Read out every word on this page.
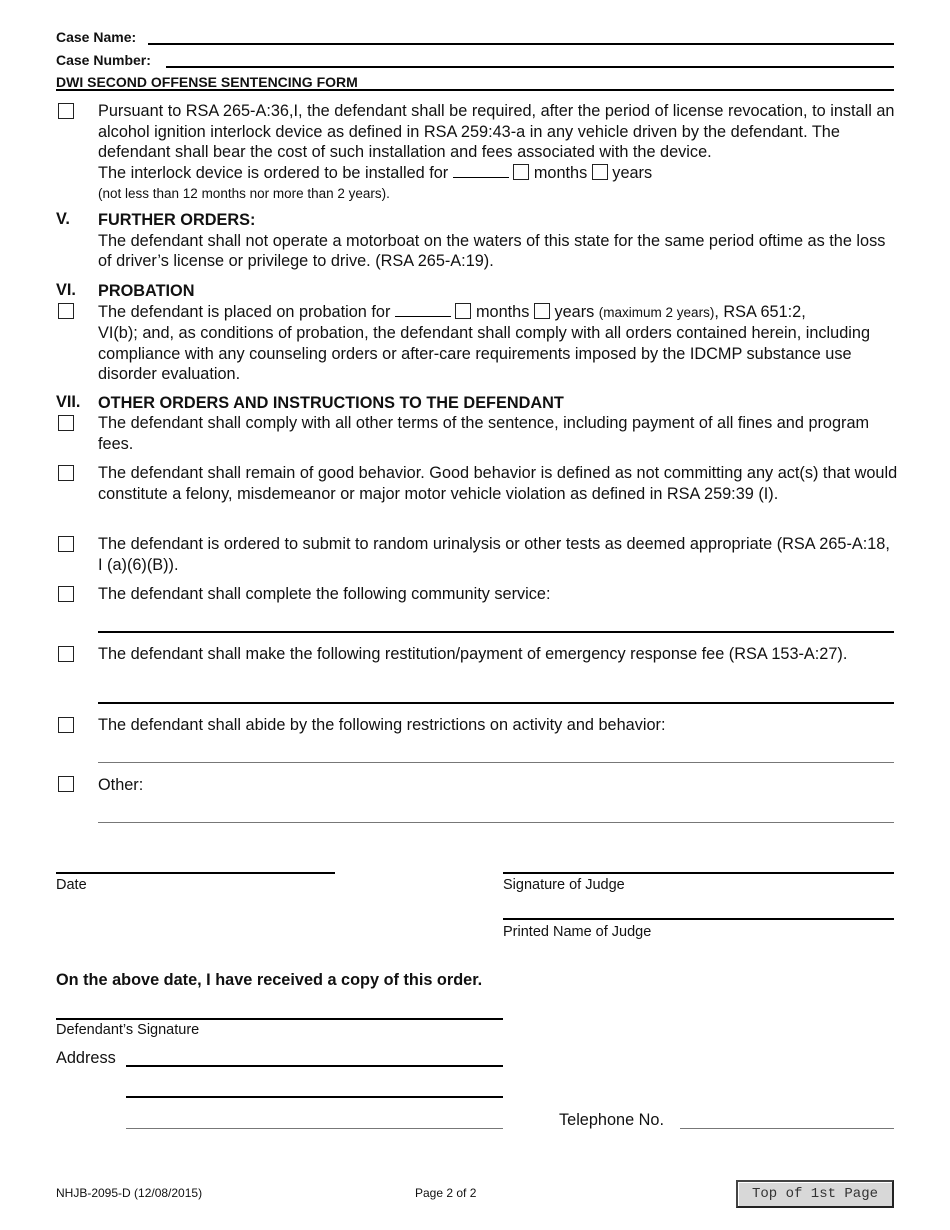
Case Name:
Case Number:
DWI SECOND OFFENSE SENTENCING FORM
Pursuant to RSA 265-A:36,I, the defendant shall be required, after the period of license revocation, to install an alcohol ignition interlock device as defined in RSA 259:43-a in any vehicle driven by the defendant. The defendant shall bear the cost of such installation and fees associated with the device.
The interlock device is ordered to be installed for	months years
(not less than 12 months nor more than 2 years).
V. FURTHER ORDERS:
The defendant shall not operate a motorboat on the waters of this state for the same period oftime as the loss of driver’s license or privilege to drive. (RSA 265-A:19).
VI. PROBATION
The defendant is placed on probation for	months years (maximum 2 years), RSA 651:2,
VI(b); and, as conditions of probation, the defendant shall comply with all orders contained herein, including compliance with any counseling orders or after-care requirements imposed by the IDCMP substance use disorder evaluation.
VII. OTHER ORDERS AND INSTRUCTIONS TO THE DEFENDANT
The defendant shall comply with all other terms of the sentence, including payment of all fines and program fees.
The defendant shall remain of good behavior. Good behavior is defined as not committing any act(s) that would constitute a felony, misdemeanor or major motor vehicle violation as defined in RSA 259:39 (I).
The defendant is ordered to submit to random urinalysis or other tests as deemed appropriate (RSA 265-A:18, I (a)(6)(B)).
The defendant shall complete the following community service:
The defendant shall make the following restitution/payment of emergency response fee (RSA 153-A:27).
The defendant shall abide by the following restrictions on activity and behavior:
Other:
Date	Signature of Judge
Printed Name of Judge
On the above date, I have received a copy of this order.
Defendant’s Signature
Address
Telephone No.
NHJB-2095-D (12/08/2015)	Page 2 of 2	Top of 1st Page
